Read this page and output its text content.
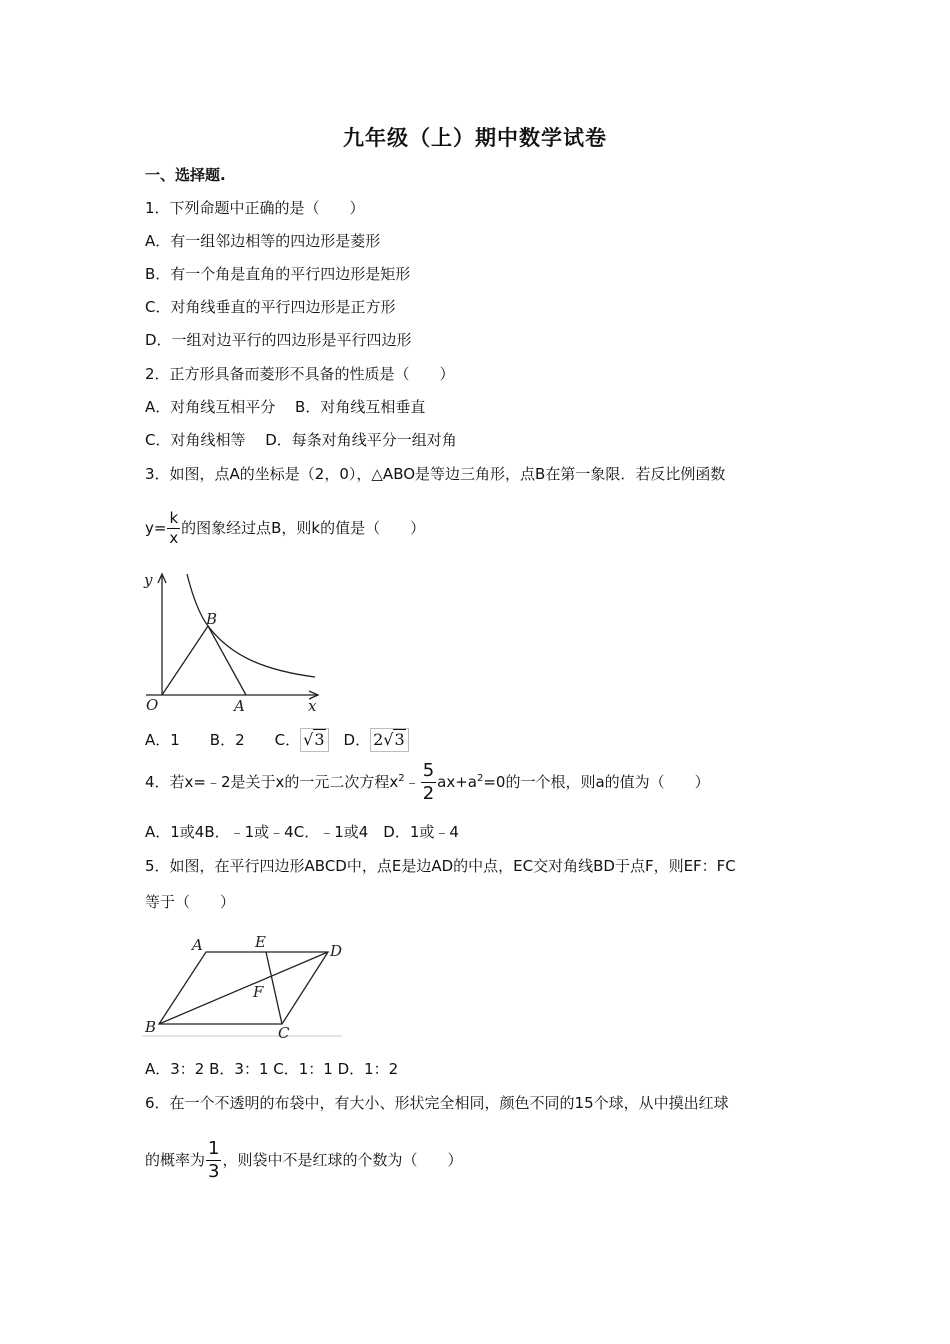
九年级（上）期中数学试卷
一、选择题.
1．下列命题中正确的是（　　）
A．有一组邻边相等的四边形是菱形
B．有一个角是直角的平行四边形是矩形
C．对角线垂直的平行四边形是正方形
D．一组对边平行的四边形是平行四边形
2．正方形具备而菱形不具备的性质是（　　）
A．对角线互相平分　 B．对角线互相垂直
C．对角线相等　 D．每条对角线平分一组对角
3．如图，点A的坐标是（2，0），△ABO是等边三角形，点B在第一象限．若反比例函数
$y= \frac{k}{x}$ 的图象经过点B，则k的值是（　　）
y
O	A
B
x
A．1　　B．2　　C． √3　D． 2√3
4．若x=﹣2是关于x的一元二次方程$x^2﹣ \frac{5}{2} ax+a^2=0$的一个根，则a的值为（　　）
A．1或4B．﹣1或﹣4C．﹣1或4　D．1或﹣4
5．如图，在平行四边形ABCD中，点E是边AD的中点，EC交对角线BD于点F，则EF：FC
等于（　　）
A	E	D
F
B	C
A．3：2 B．3：1 C．1：1 D．1：2
6．在一个不透明的布袋中，有大小、形状完全相同，颜色不同的15个球，从中摸出红球
的概率为 $\frac{1}{3}$ ，则袋中不是红球的个数为（　　）
